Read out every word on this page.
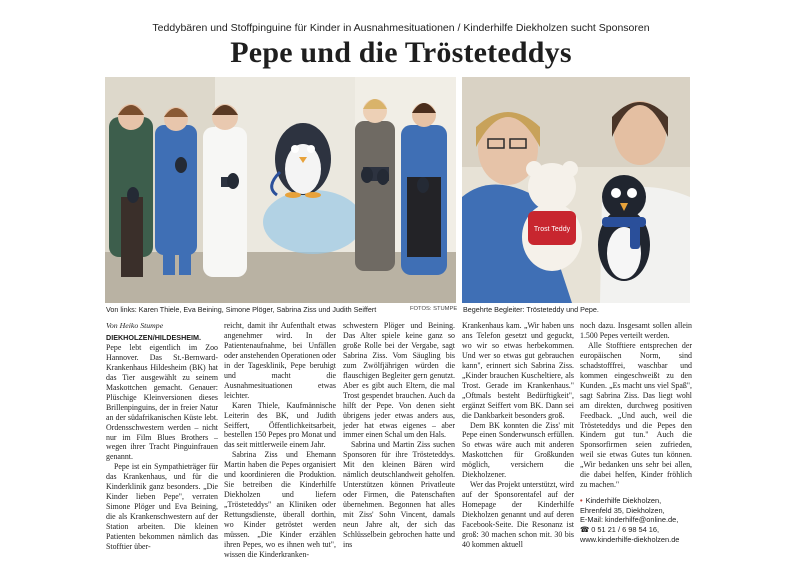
Teddybären und Stoffpinguine für Kinder in Ausnahmesituationen / Kinderhilfe Diekholzen sucht Sponsoren
Pepe und die Trösteteddys
Trost Teddy
Von links: Karen Thiele, Eva Beining, Simone Plöger, Sabrina Ziss und Judith Seiffert	FOTOS: STUMPE Begehrte Begleiter: Trösteteddy und Pepe.
Von Heiko Stumpe

DIEKHOLZEN/HILDESHEIM. Pepe lebt eigentlich im Zoo Hannover. Das St.-Bernward-Krankenhaus Hildesheim (BK) hat das Tier ausgewählt zu seinem Maskottchen gemacht. Genauer: Plüschige Kleinversionen dieses Brillenpinguins, der in freier Natur an der südafrikanischen Küste lebt. Ordensschwestern werden – nicht nur im Film Blues Brothers – wegen ihrer Tracht Pinguinfrauen genannt.

Pepe ist ein Sympathieträger für das Krankenhaus, und für die Kinderklinik ganz besonders. „Die Kinder lieben Pepe", verraten Simone Plöger und Eva Beining, die als Krankenschwestern auf der Station arbeiten. Die kleinen Patienten bekommen nämlich das Stofftier über-

reicht, damit ihr Aufenthalt etwas angenehmer wird. In der Patientenaufnahme, bei Unfällen oder anstehenden Operationen oder in der Tagesklinik, Pepe beruhigt und macht die Ausnahmesituationen etwas leichter.

Karen Thiele, Kaufmännische Leiterin des BK, und Judith Seiffert, Öffentlichkeitsarbeit, bestellen 150 Pepes pro Monat und das seit mittlerweile einem Jahr.

Sabrina Ziss und Ehemann Martin haben die Pepes organisiert und koordinieren die Produktion. Sie betreiben die Kinderhilfe Diekholzen und liefern „Trösteteddys" an Kliniken oder Rettungsdienste, überall dorthin, wo Kinder getröstet werden müssen. „Die Kinder erzählen ihren Pepes, wo es ihnen weh tut", wissen die Kinderkranken-

schwestern Plöger und Beining. Das Alter spiele keine ganz so große Rolle bei der Vergabe, sagt Sabrina Ziss. Vom Säugling bis zum Zwölfjährigen würden die flauschigen Begleiter gern genutzt. Aber es gibt auch Eltern, die mal Trost gespendet brauchen. Auch da hilft der Pepe. Von denen sieht übrigens jeder etwas anders aus, jeder hat etwas eigenes – aber immer einen Schal um den Hals.

Sabrina und Martin Ziss suchen Sponsoren für ihre Trösteteddys. Mit den kleinen Bären wird nämlich deutschlandweit geholfen. Unterstützen können Privatleute oder Firmen, die Patenschaften übernehmen. Begonnen hat alles mit Ziss' Sohn Vincent, damals neun Jahre alt, der sich das Schlüsselbein gebrochen hatte und ins

Krankenhaus kam. „Wir haben uns ans Telefon gesetzt und geguckt, wo wir so etwas herbekommen. Und wer so etwas gut gebrauchen kann", erinnert sich Sabrina Ziss. „Kinder brauchen Kuscheltiere, als Trost. Gerade im Krankenhaus." „Oftmals besteht Bedürftigkeit", ergänzt Seiffert vom BK. Dann sei die Dankbarkeit besonders groß.

Dem BK konnten die Ziss' mit Pepe einen Sonderwunsch erfüllen. So etwas wäre auch mit anderen Maskottchen für Großkunden möglich, versichern die Diekholzener.

Wer das Projekt unterstützt, wird auf der Sponsorentafel auf der Homepage der Kinderhilfe Diekholzen genannt und auf deren Facebook-Seite. Die Resonanz ist groß: 30 machen schon mit. 30 bis 40 kommen aktuell

noch dazu. Insgesamt sollen allein 1.500 Pepes verteilt werden.

Alle Stofftiere entsprechen der europäischen Norm, sind schadstofffrei, waschbar und kommen eingeschweißt zu den Kunden. „Es macht uns viel Spaß", sagt Sabrina Ziss. Das liegt wohl am direkten, durchweg positiven Feedback. „Und auch, weil die Trösteteddys und die Pepes den Kindern gut tun." Auch die Sponsorfirmen seien zufrieden, weil sie etwas Gutes tun können. „Wir bedanken uns sehr bei allen, die dabei helfen, Kinder fröhlich zu machen."

• Kinderhilfe Diekholzen,
Ehrenfeld 35, Diekholzen,
E-Mail: kinderhilfe@online.de,
☎ 0 51 21 / 6 98 54 16,
www.kinderhilfe-diekholzen.de
